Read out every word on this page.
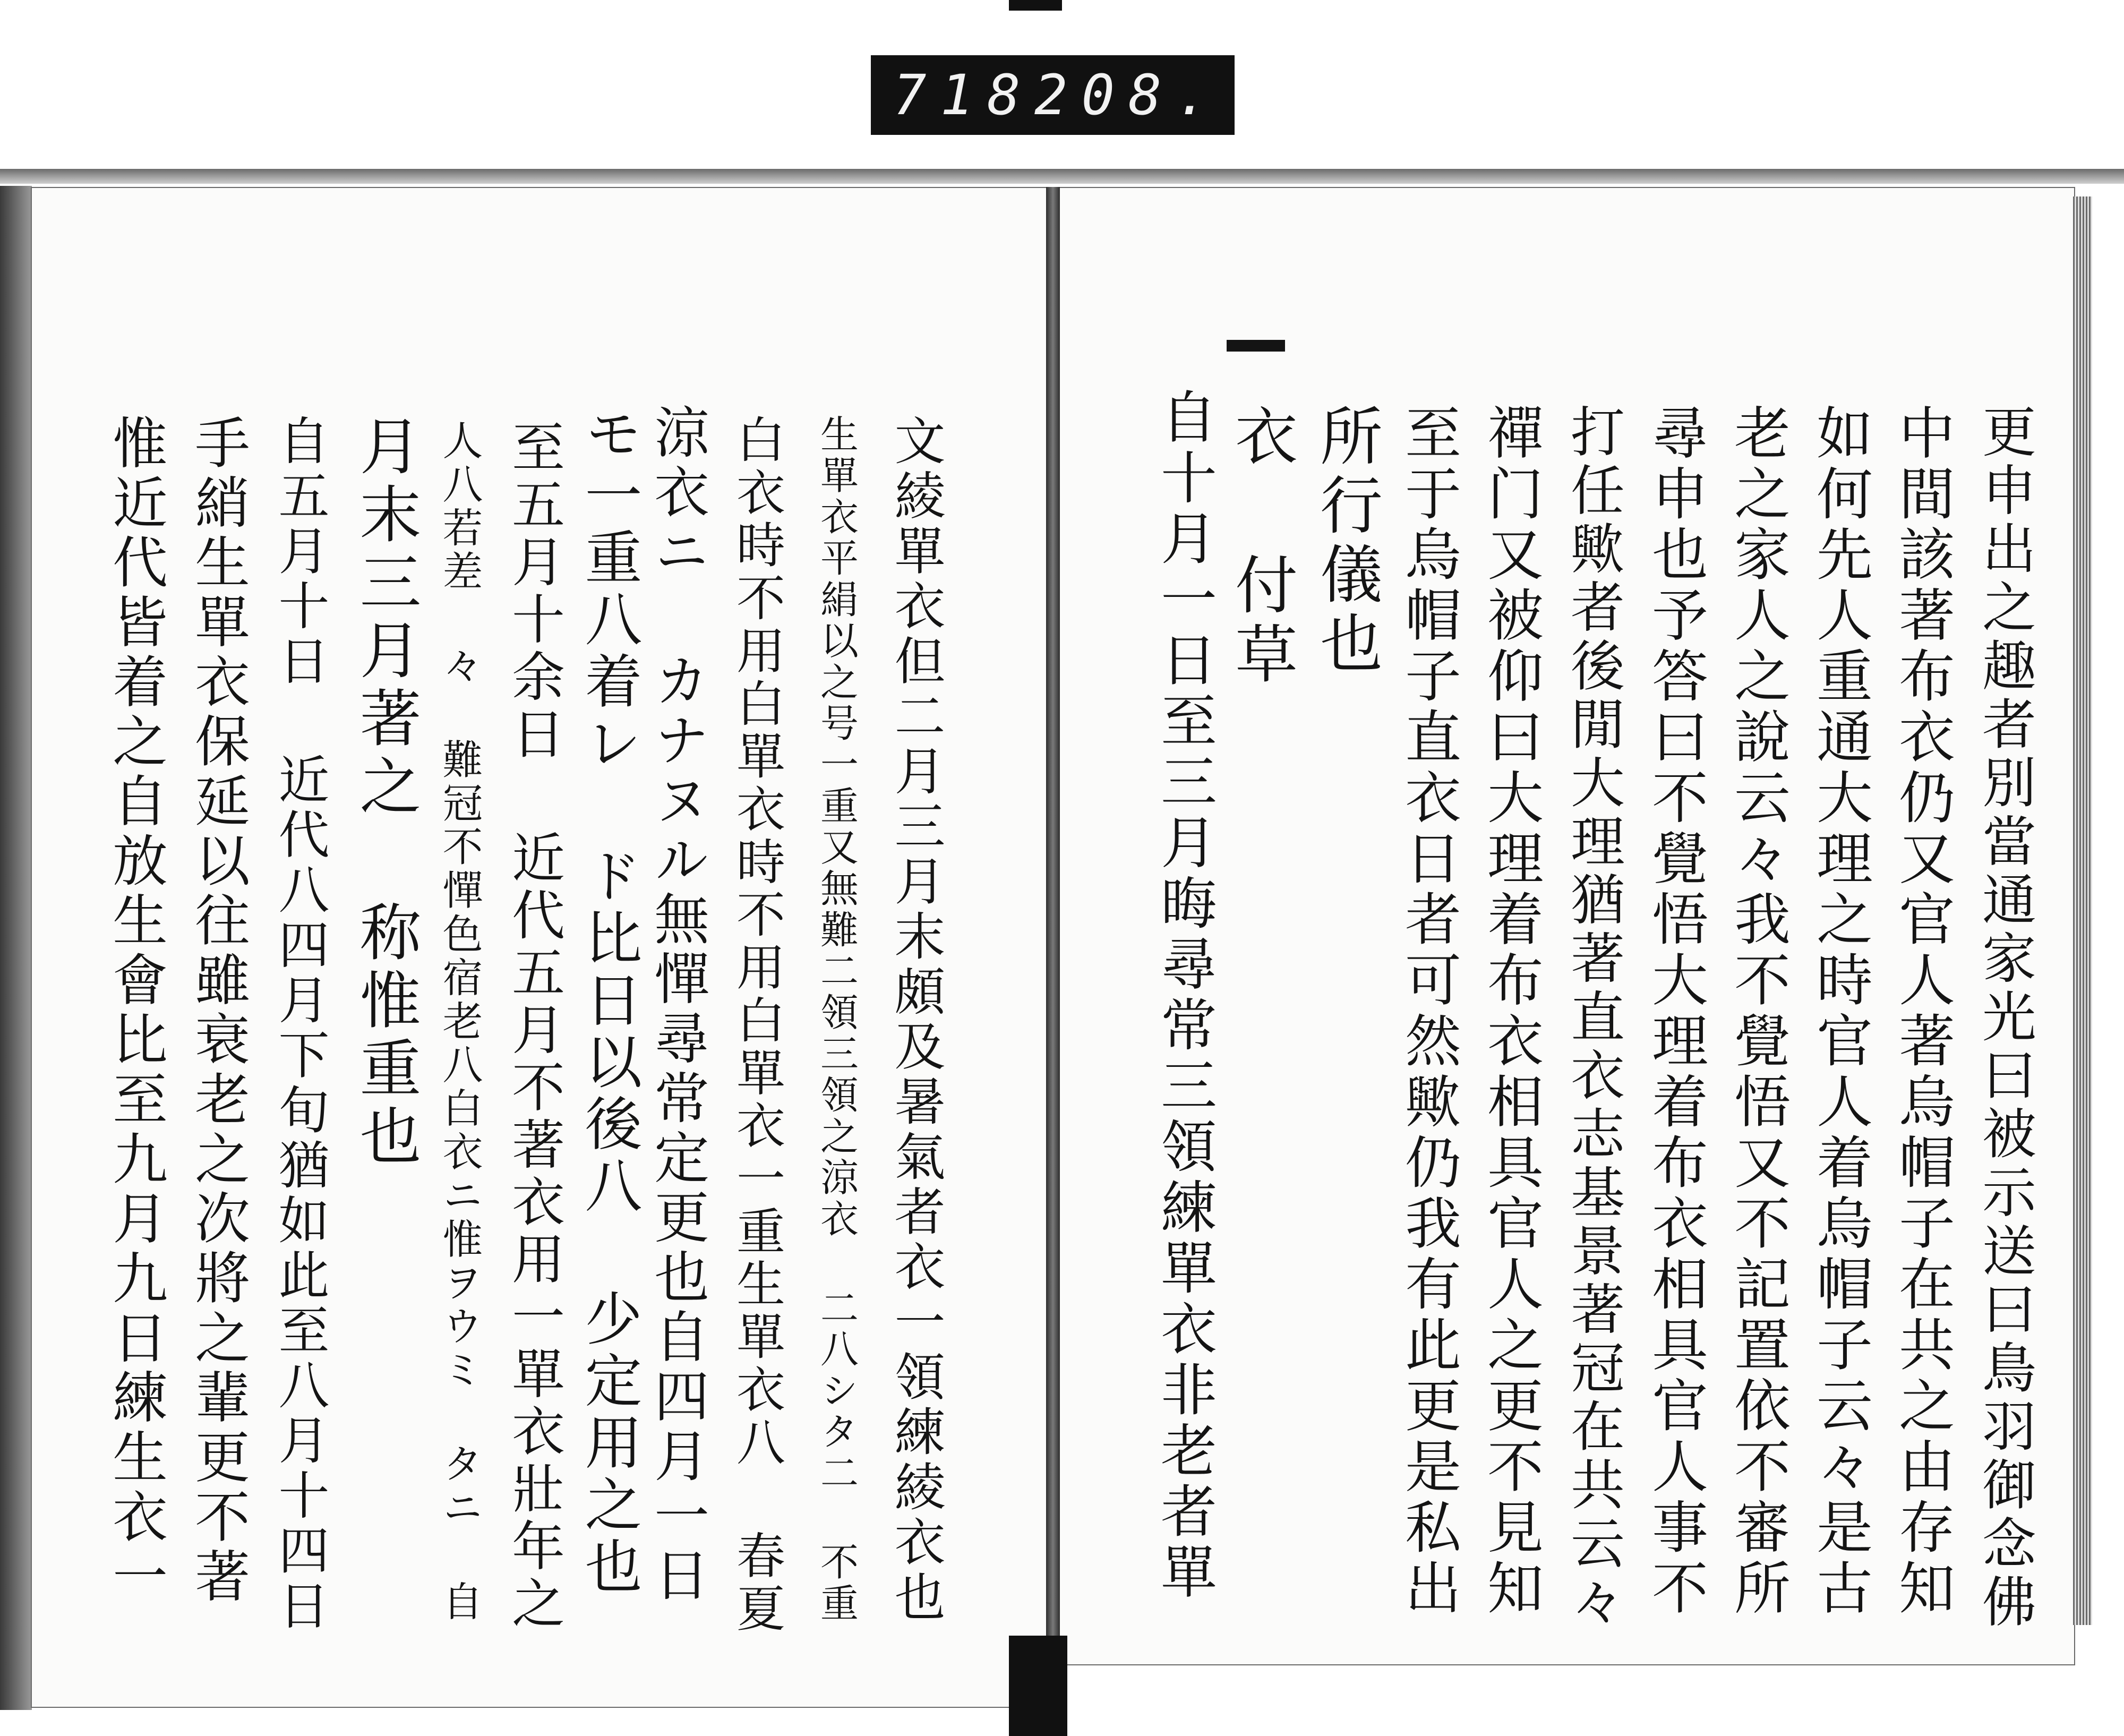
718 208.
更申出之趣者別當通家光曰被示送曰鳥羽御念佛
中間該著布衣仍又官人著烏帽子在共之由存知
如何先人重通大理之時官人着烏帽子云々是古
老之家人之說云々我不覺悟又不記置依不審所
尋申也予答曰不覺悟大理着布衣相具官人事不
打任歟者後閒大理猶著直衣志基景著冠在共云々
禪门又被仰曰大理着布衣相具官人之更不見知
至于烏帽子直衣日者可然歟仍我有此更是私出
所行儀也
衣 付草
自十月一日至三月晦尋常三領練單衣非老者單
文綾單衣但二月三月末頗及暑氣者衣一領練綾衣也
生單衣平絹以之号一重又無難二領三領之涼衣 二八シタ二 不重
白衣時不用白單衣時不用白單衣一重生單衣八 春夏
涼衣ニ カナヌル無憚尋常定更也自四月一日
モ一重八着レ ド比日以後八 少定用之也
至五月十余日 近代五月不著衣用一單衣壯年之
人八若差 々 難冠不憚色宿老八白衣ニ惟ヲウミ タニ 自
月末三月著之 称惟重也
自五月十日 近代八四月下旬猶如此至八月十四日
手綃生單衣保延以往雖衰老之次將之輩更不著
惟近代皆着之自放生會比至九月九日練生衣一
